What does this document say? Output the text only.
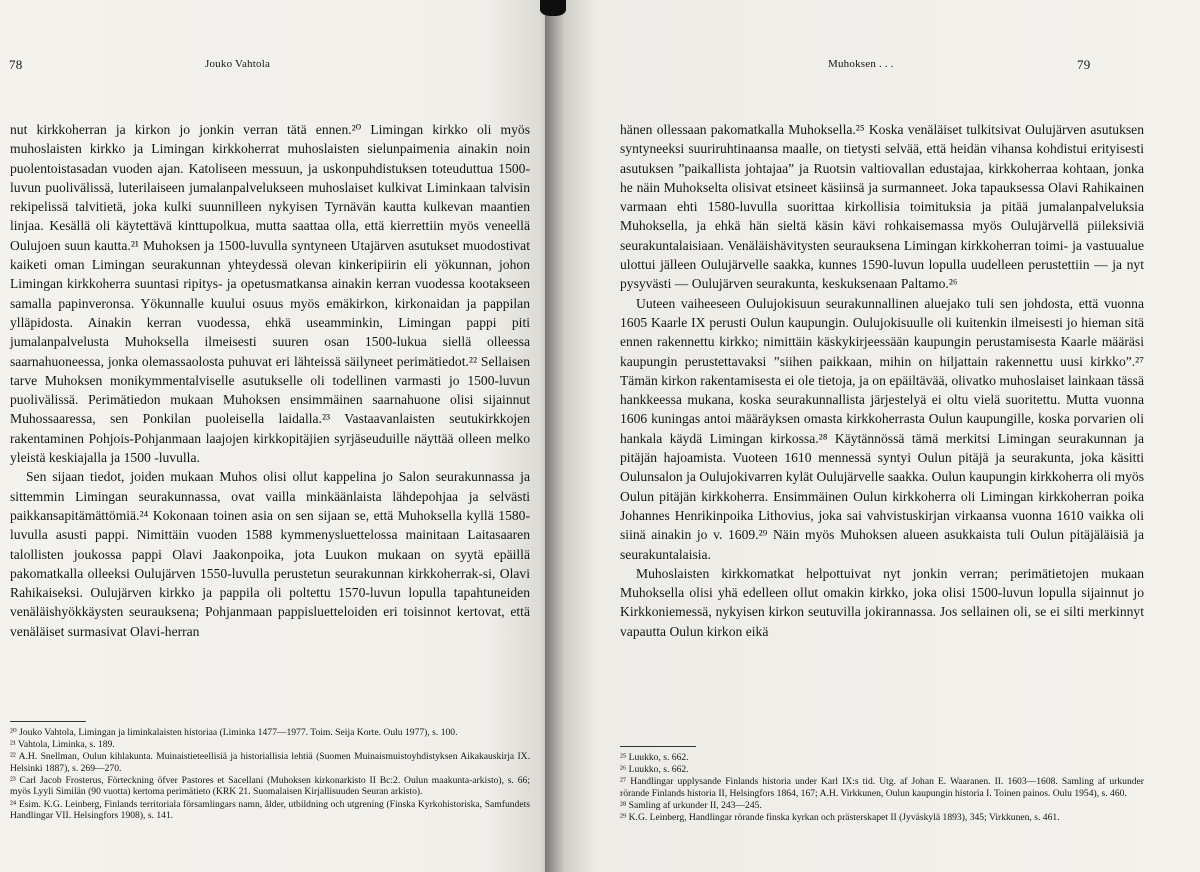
78	Jouko Vahtola

nut kirkkoherran ja kirkon jo jonkin verran tätä ennen.²⁰ Limingan kirkko oli myös muhoslaisten kirkko ja Limingan kirkkoherrat muhoslaisten sielunpaimenia ainakin noin puolentoistasadan vuoden ajan. Katoliseen messuun, ja uskonpuhdistuksen toteuduttua 1500-luvun puolivälissä, luterilaiseen jumalanpalvelukseen muhoslaiset kulkivat Liminkaan talvisin rekipelissä talvitietä, joka kulki suunnilleen nykyisen Tyrnävän kautta kulkevan maantien linjaa. Kesällä oli käytettävä kinttupolkua, mutta saattaa olla, että kierrettiin myös veneellä Oulujoen suun kautta.²¹ Muhoksen ja 1500-luvulla syntyneen Utajärven asutukset muodostivat kaiketi oman Limingan seurakunnan yhteydessä olevan kinkeripiirin eli yökunnan, johon Limingan kirkkoherra suuntasi ripitys- ja opetusmatkansa ainakin kerran vuodessa kootakseen samalla papinveronsa. Yökunnalle kuului osuus myös emäkirkon, kirkonaidan ja pappilan ylläpidosta. Ainakin kerran vuodessa, ehkä useamminkin, Limingan pappi piti jumalanpalvelusta Muhoksella ilmeisesti suuren osan 1500-lukua siellä olleessa saarnahuoneessa, jonka olemassaolosta puhuvat eri lähteissä säilyneet perimätiedot.²² Sellaisen tarve Muhoksen monikymmentalviselle asutukselle oli todellinen varmasti jo 1500-luvun puolivälissä. Perimätiedon mukaan Muhoksen ensimmäinen saarnahuone olisi sijainnut Muhossaaressa, sen Ponkilan puoleisella laidalla.²³ Vastaavanlaisten seutukirkkojen rakentaminen Pohjois-Pohjanmaan laajojen kirkkopitäjien syrjäseuduille näyttää olleen melko yleistä keskiajalla ja 1500 -luvulla.

Sen sijaan tiedot, joiden mukaan Muhos olisi ollut kappelina jo Salon seurakunnassa ja sittemmin Limingan seurakunnassa, ovat vailla minkäänlaista lähdepohjaa ja selvästi paikkansapitämättömiä.²⁴ Kokonaan toinen asia on sen sijaan se, että Muhoksella kyllä 1580-luvulla asusti pappi. Nimittäin vuoden 1588 kymmenysluettelossa mainitaan Laitasaaren talollisten joukossa pappi Olavi Jaakonpoika, jota Luukon mukaan on syytä epäillä pakomatkalla olleeksi Oulujärven 1550-luvulla perustetun seurakunnan kirkkoherrak-si, Olavi Rahikaiseksi. Oulujärven kirkko ja pappila oli poltettu 1570-luvun lopulla tapahtuneiden venäläishyökkäysten seurauksena; Pohjanmaan pappisluetteloiden eri toisinnot kertovat, että venäläiset surmasivat Olavi-herran

²⁰ Jouko Vahtola, Limingan ja liminkalaisten historiaa (Liminka 1477—1977. Toim. Seija Korte. Oulu 1977), s. 100.

²¹ Vahtola, Liminka, s. 189.

²² A.H. Snellman, Oulun kihlakunta. Muinaistieteellisiä ja historiallisia lehtiä (Suomen Muinaismuistoyhdistyksen Aikakauskirja IX. Helsinki 1887), s. 269—270.

²³ Carl Jacob Frosterus, Förteckning öfver Pastores et Sacellani (Muhoksen kirkonarkisto II Bc:2. Oulun maakunta-arkisto), s. 66; myös Lyyli Similän (90 vuotta) kertoma perimätieto (KRK 21. Suomalaisen Kirjallisuuden Seuran arkisto).

²⁴ Esim. K.G. Leinberg, Finlands territoriala församlingars namn, ålder, utbildning och utgrening (Finska Kyrkohistoriska, Samfundets Handlingar VII. Helsingfors 1908), s. 141.

Muhoksen . . .	79

hänen ollessaan pakomatkalla Muhoksella.²⁵ Koska venäläiset tulkitsivat Oulujärven asutuksen syntyneeksi suuriruhtinaansa maalle, on tietysti selvää, että heidän vihansa kohdistui erityisesti asutuksen ”paikallista johtajaa” ja Ruotsin valtiovallan edustajaa, kirkkoherraa kohtaan, jonka he näin Muhokselta olisivat etsineet käsiinsä ja surmanneet. Joka tapauksessa Olavi Rahikainen varmaan ehti 1580-luvulla suorittaa kirkollisia toimituksia ja pitää jumalanpalveluksia Muhoksella, ja ehkä hän sieltä käsin kävi rohkaisemassa myös Oulujärvellä piileksiviä seurakuntalaisiaan. Venäläishävitysten seurauksena Limingan kirkkoherran toimi- ja vastuualue ulottui jälleen Oulujärvelle saakka, kunnes 1590-luvun lopulla uudelleen perustettiin — ja nyt pysyvästi — Oulujärven seurakunta, keskuksenaan Paltamo.²⁶

Uuteen vaiheeseen Oulujokisuun seurakunnallinen aluejako tuli sen johdosta, että vuonna 1605 Kaarle IX perusti Oulun kaupungin. Oulujokisuulle oli kuitenkin ilmeisesti jo hieman sitä ennen rakennettu kirkko; nimittäin käskykirjeessään kaupungin perustamisesta Kaarle määräsi kaupungin perustettavaksi ”siihen paikkaan, mihin on hiljattain rakennettu uusi kirkko”.²⁷ Tämän kirkon rakentamisesta ei ole tietoja, ja on epäiltävää, olivatko muhoslaiset lainkaan tässä hankkeessa mukana, koska seurakunnallista järjestelyä ei oltu vielä suoritettu. Mutta vuonna 1606 kuningas antoi määräyksen omasta kirkkoherrasta Oulun kaupungille, koska porvarien oli hankala käydä Limingan kirkossa.²⁸ Käytännössä tämä merkitsi Limingan seurakunnan ja pitäjän hajoamista. Vuoteen 1610 mennessä syntyi Oulun pitäjä ja seurakunta, joka käsitti Oulunsalon ja Oulujokivarren kylät Oulujärvelle saakka. Oulun kaupungin kirkkoherra oli myös Oulun pitäjän kirkkoherra. Ensimmäinen Oulun kirkkoherra oli Limingan kirkkoherran poika Johannes Henrikinpoika Lithovius, joka sai vahvistuskirjan virkaansa vuonna 1610 vaikka oli siinä ainakin jo v. 1609.²⁹ Näin myös Muhoksen alueen asukkaista tuli Oulun pitäjäläisiä ja seurakuntalaisia.

Muhoslaisten kirkkomatkat helpottuivat nyt jonkin verran; perimätietojen mukaan Muhoksella olisi yhä edelleen ollut omakin kirkko, joka olisi 1500-luvun lopulla sijainnut jo Kirkkoniemessä, nykyisen kirkon seutuvilla jokirannassa. Jos sellainen oli, se ei silti merkinnyt vapautta Oulun kirkon eikä

²⁵ Luukko, s. 662.

²⁶ Luukko, s. 662.

²⁷ Handlingar upplysande Finlands historia under Karl IX:s tid. Utg. af Johan E. Waaranen. II. 1603—1608. Samling af urkunder rörande Finlands historia II, Helsingfors 1864, 167; A.H. Virkkunen, Oulun kaupungin historia I. Toinen painos. Oulu 1954), s. 460.

²⁸ Samling af urkunder II, 243—245.

²⁹ K.G. Leinberg, Handlingar rörande finska kyrkan och prästerskapet II (Jyväskylä 1893), 345; Virkkunen, s. 461.
